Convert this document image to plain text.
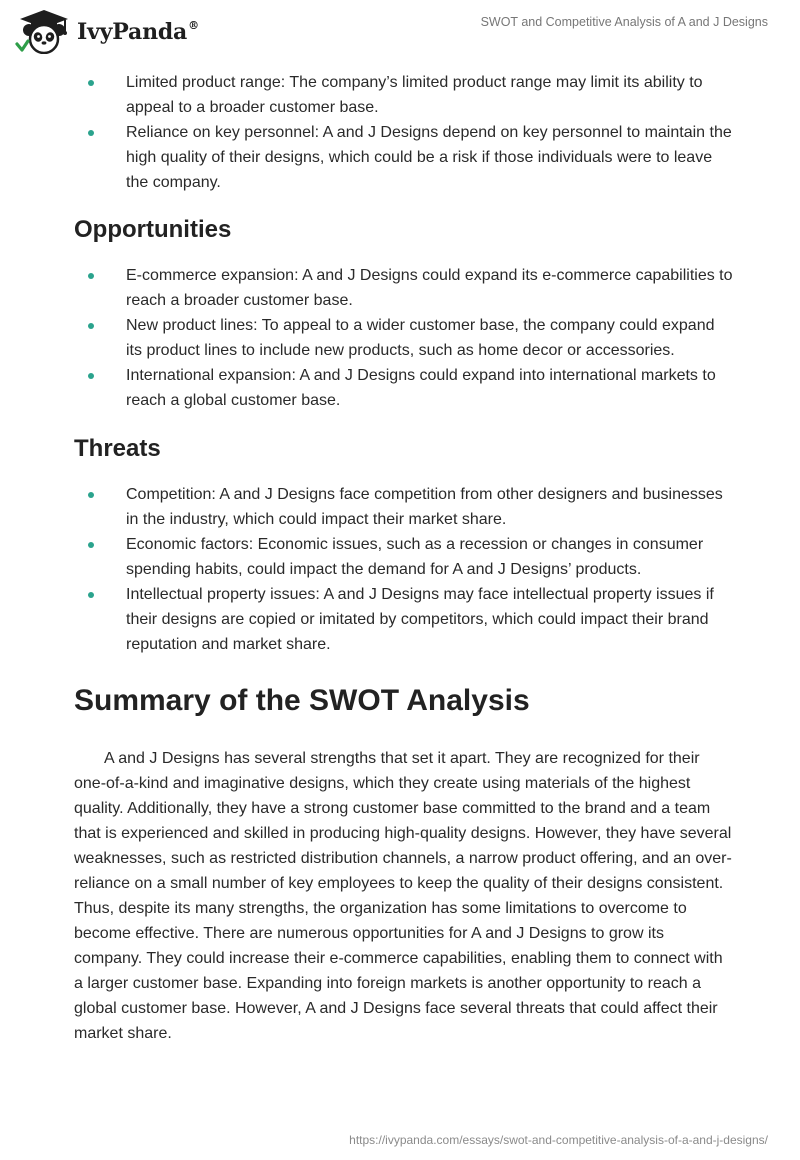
IvyPanda®	SWOT and Competitive Analysis of A and J Designs
Limited product range: The company’s limited product range may limit its ability to appeal to a broader customer base.
Reliance on key personnel: A and J Designs depend on key personnel to maintain the high quality of their designs, which could be a risk if those individuals were to leave the company.
Opportunities
E-commerce expansion: A and J Designs could expand its e-commerce capabilities to reach a broader customer base.
New product lines: To appeal to a wider customer base, the company could expand its product lines to include new products, such as home decor or accessories.
International expansion: A and J Designs could expand into international markets to reach a global customer base.
Threats
Competition: A and J Designs face competition from other designers and businesses in the industry, which could impact their market share.
Economic factors: Economic issues, such as a recession or changes in consumer spending habits, could impact the demand for A and J Designs’ products.
Intellectual property issues: A and J Designs may face intellectual property issues if their designs are copied or imitated by competitors, which could impact their brand reputation and market share.
Summary of the SWOT Analysis

A and J Designs has several strengths that set it apart. They are recognized for their one-of-a-kind and imaginative designs, which they create using materials of the highest quality. Additionally, they have a strong customer base committed to the brand and a team that is experienced and skilled in producing high-quality designs. However, they have several weaknesses, such as restricted distribution channels, a narrow product offering, and an over-reliance on a small number of key employees to keep the quality of their designs consistent. Thus, despite its many strengths, the organization has some limitations to overcome to become effective. There are numerous opportunities for A and J Designs to grow its company. They could increase their e-commerce capabilities, enabling them to connect with a larger customer base. Expanding into foreign markets is another opportunity to reach a global customer base. However, A and J Designs face several threats that could affect their market share.

https://ivypanda.com/essays/swot-and-competitive-analysis-of-a-and-j-designs/
